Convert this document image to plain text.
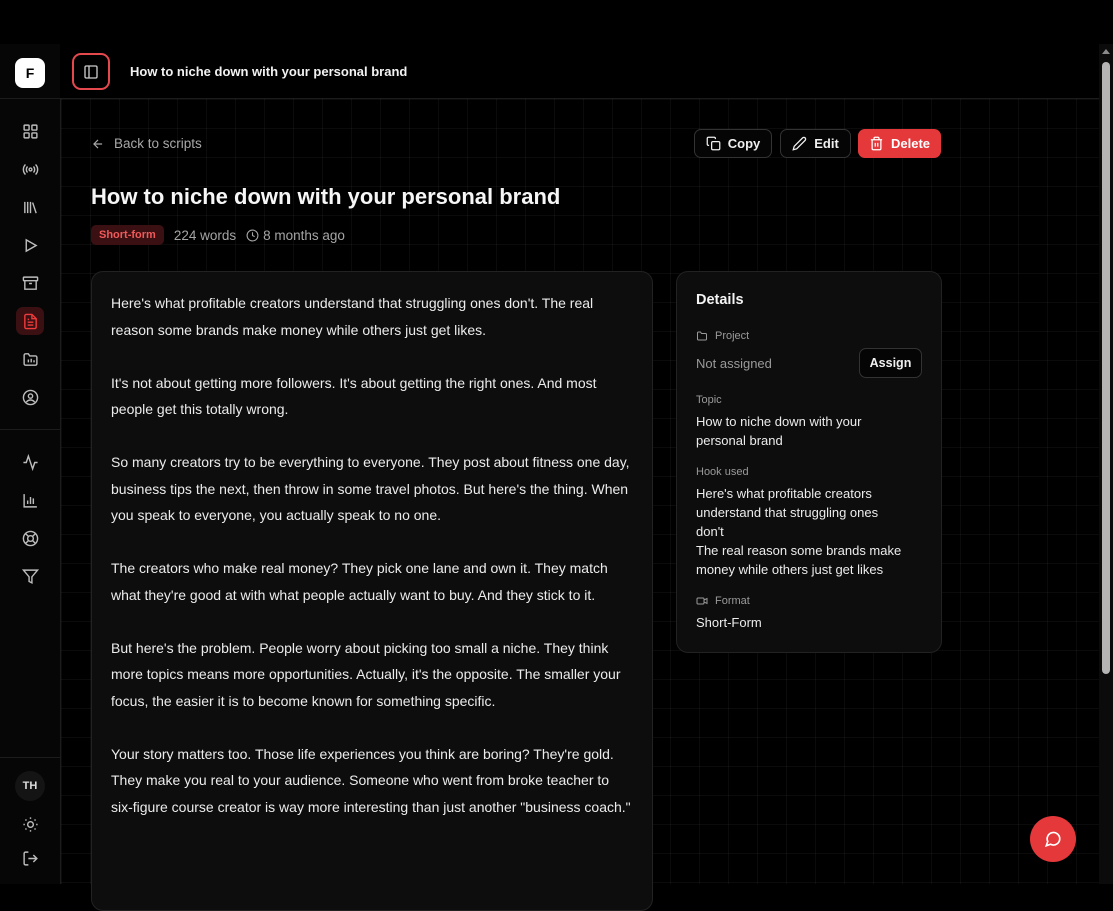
F
TH
How to niche down with your personal brand
Back to scripts	Copy	Edit	Delete
How to niche down with your personal brand
Short-form	224 words 8 months ago

Here's what profitable creators understand that struggling ones don't. The real reason some brands make money while others just get likes.

It's not about getting more followers. It's about getting the right ones. And most people get this totally wrong.

So many creators try to be everything to everyone. They post about fitness one day, business tips the next, then throw in some travel photos. But here's the thing. When you speak to everyone, you actually speak to no one.

The creators who make real money? They pick one lane and own it. They match what they're good at with what people actually want to buy. And they stick to it.

But here's the problem. People worry about picking too small a niche. They think more topics means more opportunities. Actually, it's the opposite. The smaller your focus, the easier it is to become known for something specific.

Your story matters too. Those life experiences you think are boring? They're gold. They make you real to your audience. Someone who went from broke teacher to six-figure course creator is way more interesting than just another "business coach."

Details
Project
Not assigned	Assign
Topic
How to niche down with your personal brand
Hook used
Here's what profitable creators understand that struggling ones don't
The real reason some brands make money while others just get likes
Format
Short-Form
